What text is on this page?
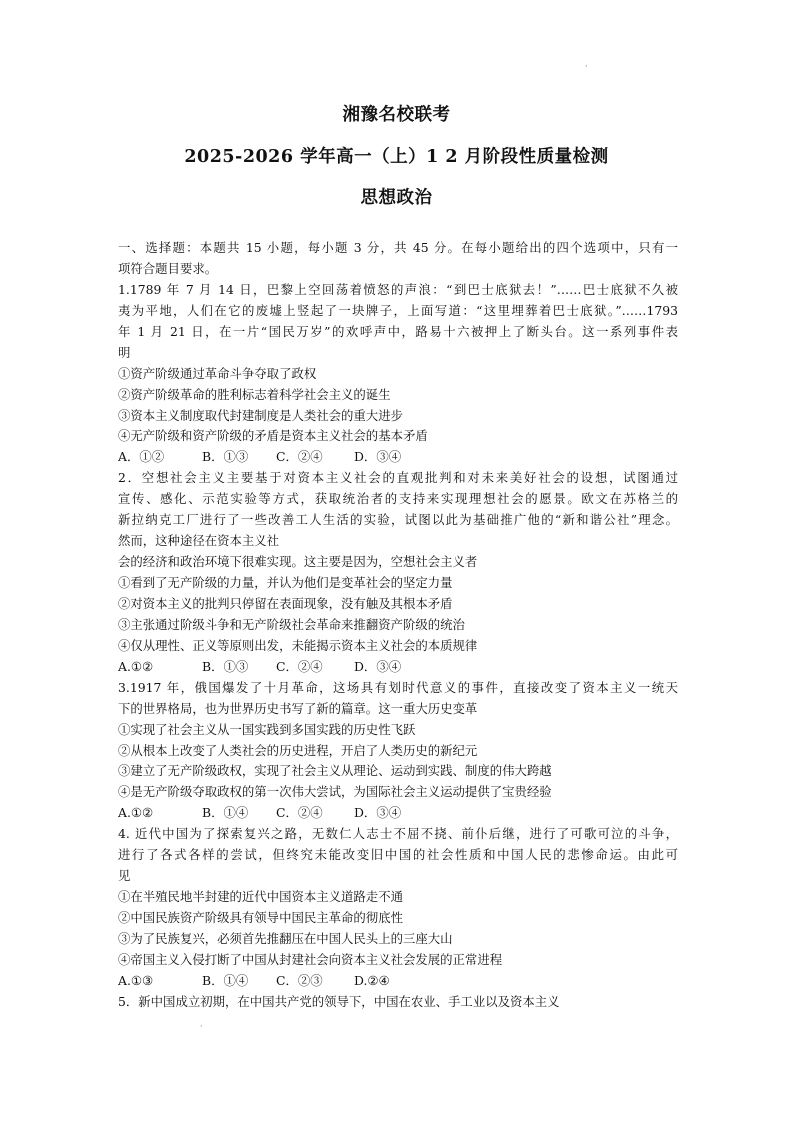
·
湘豫名校联考
2025-2026 学年高一（上）1 2 月阶段性质量检测
思想政治
一、选择题：本题共 15 小题，每小题 3 分，共 45 分。在每小题给出的四个选项中，只有一
项符合题目要求。
1.1789 年 7 月 14 日，巴黎上空回荡着愤怒的声浪：“到巴士底狱去！”……巴士底狱不久被
夷为平地，人们在它的废墟上竖起了一块牌子，上面写道：“这里埋葬着巴士底狱。”……1793
年 1 月 21 日，在一片“国民万岁”的欢呼声中，路易十六被押上了断头台。这一系列事件表
明
①资产阶级通过革命斗争夺取了政权
②资产阶级革命的胜利标志着科学社会主义的诞生
③资本主义制度取代封建制度是人类社会的重大进步
④无产阶级和资产阶级的矛盾是资本主义社会的基本矛盾
A．①②	B．①③ C．②④	D．③④
2．空想社会主义主要基于对资本主义社会的直观批判和对未来美好社会的设想，试图通过
宣传、感化、示范实验等方式，获取统治者的支持来实现理想社会的愿景。欧文在苏格兰的
新拉纳克工厂进行了一些改善工人生活的实验，试图以此为基础推广他的“新和谐公社”理念。
然而，这种途径在资本主义社
会的经济和政治环境下很难实现。这主要是因为，空想社会主义者
①看到了无产阶级的力量，并认为他们是变革社会的坚定力量
②对资本主义的批判只停留在表面现象，没有触及其根本矛盾
③主张通过阶级斗争和无产阶级社会革命来推翻资产阶级的统治
④仅从理性、正义等原则出发，未能揭示资本主义社会的本质规律
A.①②	B．①③ C．②④	D．③④
3.1917 年，俄国爆发了十月革命，这场具有划时代意义的事件，直接改变了资本主义一统天
下的世界格局，也为世界历史书写了新的篇章。这一重大历史变革
①实现了社会主义从一国实践到多国实践的历史性飞跃
②从根本上改变了人类社会的历史进程，开启了人类历史的新纪元
③建立了无产阶级政权，实现了社会主义从理论、运动到实践、制度的伟大跨越
④是无产阶级夺取政权的第一次伟大尝试，为国际社会主义运动提供了宝贵经验
A.①②	B．①④ C．②④	D．③④
4. 近代中国为了探索复兴之路，无数仁人志士不屈不挠、前仆后继，进行了可歌可泣的斗争，
进行了各式各样的尝试，但终究未能改变旧中国的社会性质和中国人民的悲惨命运。由此可
见
①在半殖民地半封建的近代中国资本主义道路走不通
②中国民族资产阶级具有领导中国民主革命的彻底性
③为了民族复兴，必须首先推翻压在中国人民头上的三座大山
④帝国主义入侵打断了中国从封建社会向资本主义社会发展的正常进程
A.①③	B．①④ C．②③	D.②④
5．新中国成立初期，在中国共产党的领导下，中国在农业、手工业以及资本主义
·
